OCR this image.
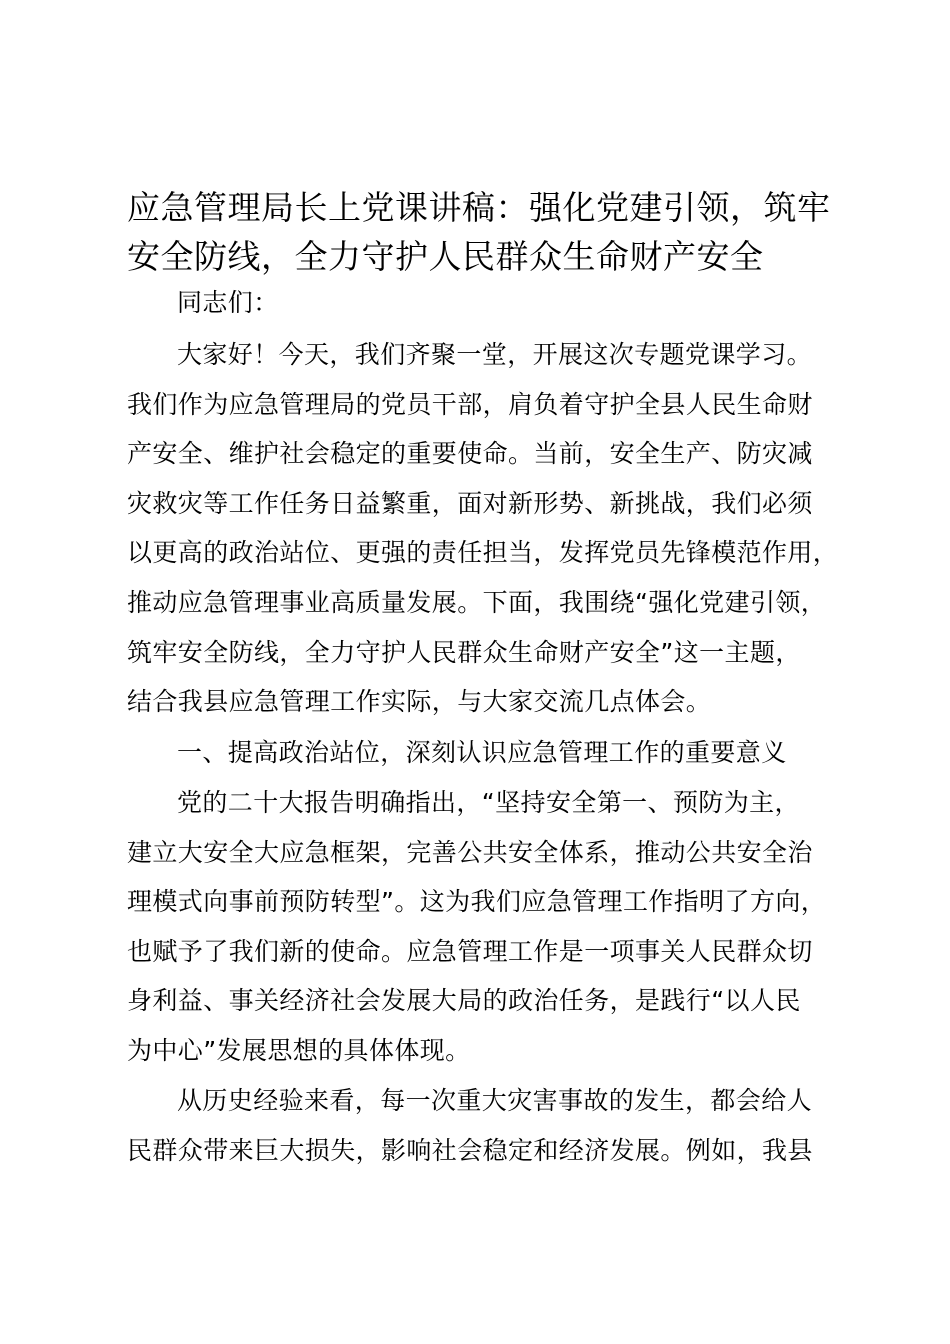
应急管理局长上党课讲稿：强化党建引领，筑牢安全防线，全力守护人民群众生命财产安全

同志们：

大家好！今天，我们齐聚一堂，开展这次专题党课学习。

我们作为应急管理局的党员干部，肩负着守护全县人民生命财

产安全、维护社会稳定的重要使命。当前，安全生产、防灾减

灾救灾等工作任务日益繁重，面对新形势、新挑战，我们必须

以更高的政治站位、更强的责任担当，发挥党员先锋模范作用，

推动应急管理事业高质量发展。下面，我围绕“强化党建引领，

筑牢安全防线，全力守护人民群众生命财产安全”这一主题，

结合我县应急管理工作实际，与大家交流几点体会。

一、提高政治站位，深刻认识应急管理工作的重要意义

党的二十大报告明确指出，“坚持安全第一、预防为主，

建立大安全大应急框架，完善公共安全体系，推动公共安全治

理模式向事前预防转型”。这为我们应急管理工作指明了方向，

也赋予了我们新的使命。应急管理工作是一项事关人民群众切

身利益、事关经济社会发展大局的政治任务，是践行“以人民

为中心”发展思想的具体体现。

从历史经验来看，每一次重大灾害事故的发生，都会给人

民群众带来巨大损失，影响社会稳定和经济发展。例如，我县
